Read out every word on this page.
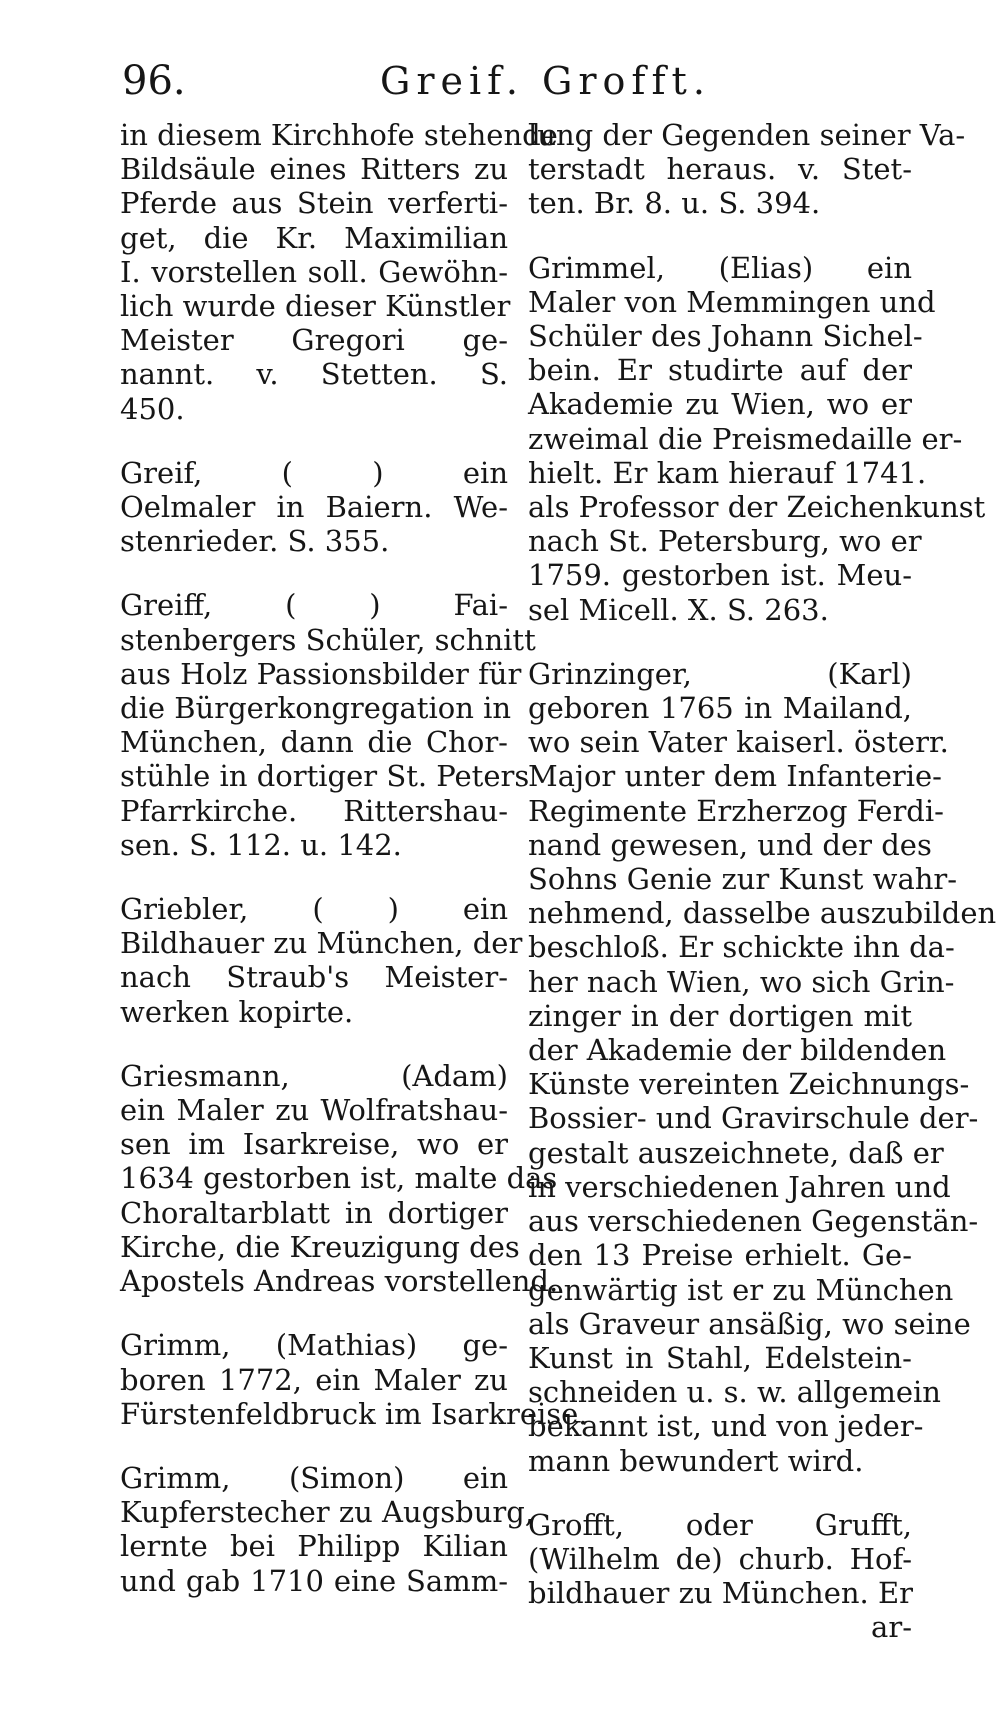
96.	Greif. Grofft.
in diesem Kirchhofe stehende
Bildsäule eines Ritters zu
Pferde aus Stein verferti-
get, die Kr. Maximilian
I. vorstellen soll. Gewöhn-
lich wurde dieser Künstler
Meister Gregori ge-
nannt. v. Stetten. S.
450.
Greif, ( ) ein
Oelmaler in Baiern. We-
stenrieder. S. 355.
Greiff, ( ) Fai-
stenbergers Schüler, schnitt
aus Holz Passionsbilder für
die Bürgerkongregation in
München, dann die Chor-
stühle in dortiger St. Peters
Pfarrkirche. Rittershau-
sen. S. 112. u. 142.
Griebler, ( ) ein
Bildhauer zu München, der
nach Straub's Meister-
werken kopirte.
Griesmann, (Adam)
ein Maler zu Wolfratshau-
sen im Isarkreise, wo er
1634 gestorben ist, malte das
Choraltarblatt in dortiger
Kirche, die Kreuzigung des
Apostels Andreas vorstellend.
Grimm, (Mathias) ge-
boren 1772, ein Maler zu
Fürstenfeldbruck im Isarkreise.
Grimm, (Simon) ein
Kupferstecher zu Augsburg,
lernte bei Philipp Kilian
und gab 1710 eine Samm-
lung der Gegenden seiner Va-
terstadt heraus. v. Stet-
ten. Br. 8. u. S. 394.
Grimmel, (Elias) ein
Maler von Memmingen und
Schüler des Johann Sichel-
bein. Er studirte auf der
Akademie zu Wien, wo er
zweimal die Preismedaille er-
hielt. Er kam hierauf 1741.
als Professor der Zeichenkunst
nach St. Petersburg, wo er
1759. gestorben ist. Meu-
sel Micell. X. S. 263.
Grinzinger, (Karl)
geboren 1765 in Mailand,
wo sein Vater kaiserl. österr.
Major unter dem Infanterie-
Regimente Erzherzog Ferdi-
nand gewesen, und der des
Sohns Genie zur Kunst wahr-
nehmend, dasselbe auszubilden
beschloß. Er schickte ihn da-
her nach Wien, wo sich Grin-
zinger in der dortigen mit
der Akademie der bildenden
Künste vereinten Zeichnungs-
Bossier- und Gravirschule der-
gestalt auszeichnete, daß er
in verschiedenen Jahren und
aus verschiedenen Gegenstän-
den 13 Preise erhielt. Ge-
genwärtig ist er zu München
als Graveur ansäßig, wo seine
Kunst in Stahl, Edelstein-
schneiden u. s. w. allgemein
bekannt ist, und von jeder-
mann bewundert wird.
Grofft, oder Grufft,
(Wilhelm de) churb. Hof-
bildhauer zu München. Er
ar-
